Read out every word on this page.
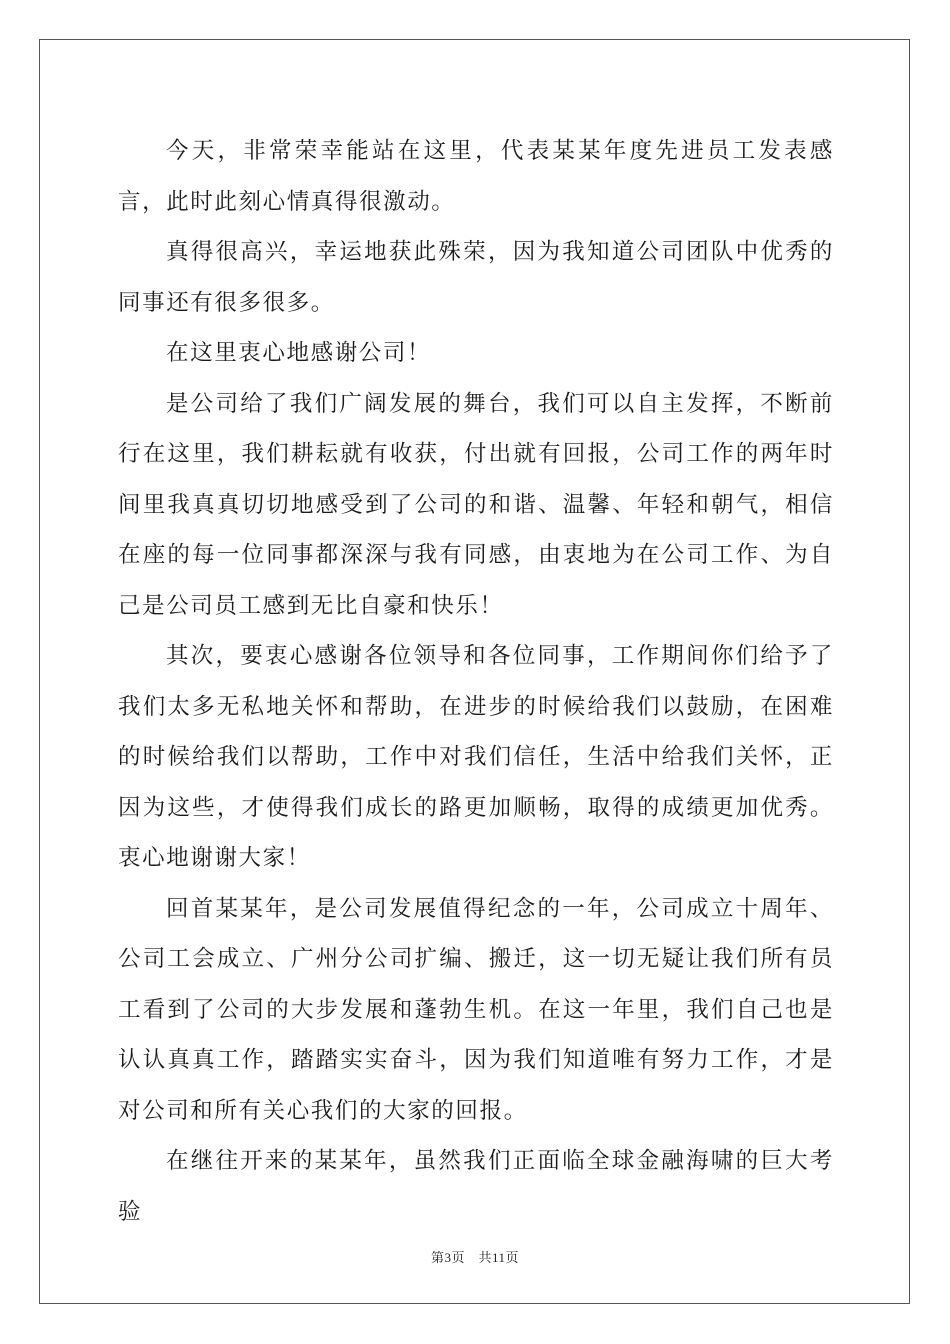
今天，非常荣幸能站在这里，代表某某年度先进员工发表感言，此时此刻心情真得很激动。

真得很高兴，幸运地获此殊荣，因为我知道公司团队中优秀的同事还有很多很多。

在这里衷心地感谢公司！

是公司给了我们广阔发展的舞台，我们可以自主发挥，不断前行在这里，我们耕耘就有收获，付出就有回报，公司工作的两年时间里我真真切切地感受到了公司的和谐、温馨、年轻和朝气，相信在座的每一位同事都深深与我有同感，由衷地为在公司工作、为自己是公司员工感到无比自豪和快乐！

其次，要衷心感谢各位领导和各位同事，工作期间你们给予了我们太多无私地关怀和帮助，在进步的时候给我们以鼓励，在困难的时候给我们以帮助，工作中对我们信任，生活中给我们关怀，正因为这些，才使得我们成长的路更加顺畅，取得的成绩更加优秀。衷心地谢谢大家！

回首某某年，是公司发展值得纪念的一年，公司成立十周年、公司工会成立、广州分公司扩编、搬迁，这一切无疑让我们所有员工看到了公司的大步发展和蓬勃生机。在这一年里，我们自己也是认认真真工作，踏踏实实奋斗，因为我们知道唯有努力工作，才是对公司和所有关心我们的大家的回报。

在继往开来的某某年，虽然我们正面临全球金融海啸的巨大考验

第3页　共11页
